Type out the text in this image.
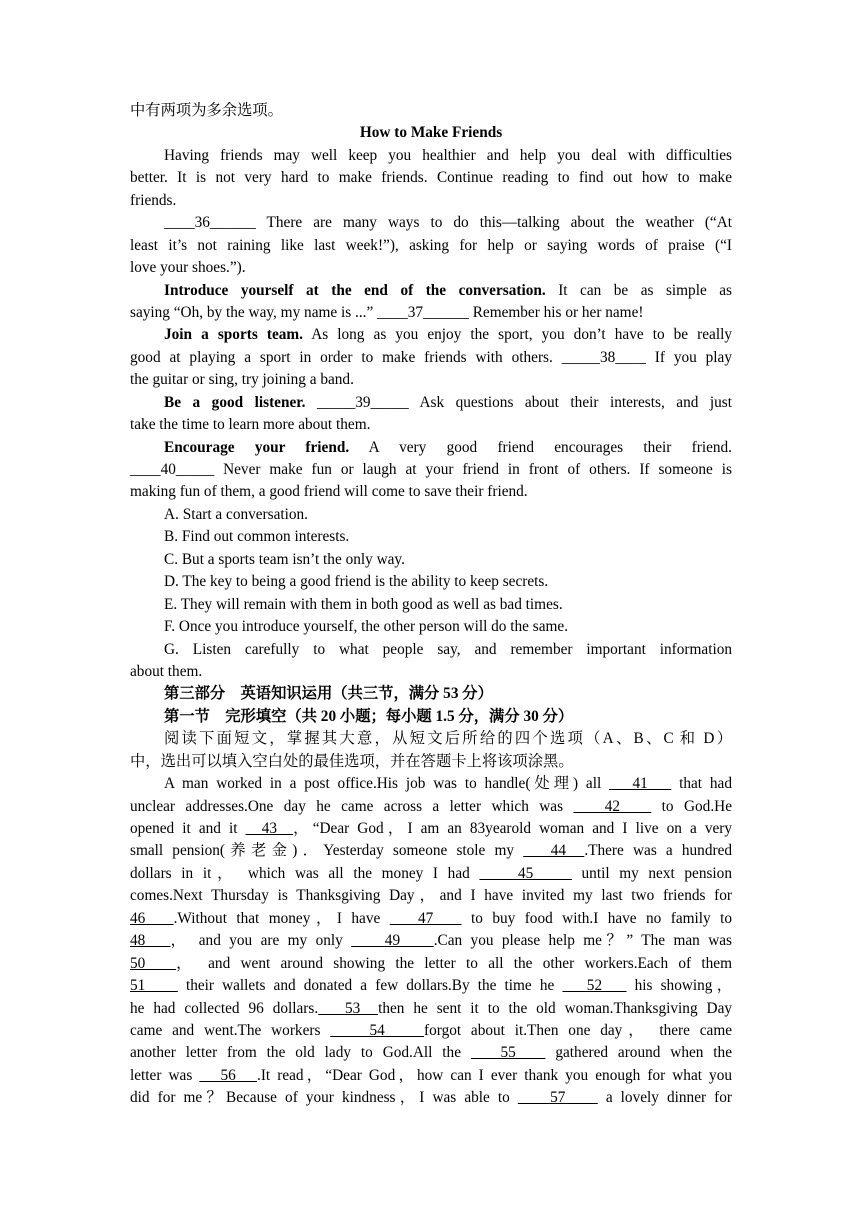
中有两项为多余选项。
How to Make Friends
Having friends may well keep you healthier and help you deal with difficulties
better. It is not very hard to make friends. Continue reading to find out how to make
friends.
____36______ There are many ways to do this—talking about the weather (“At
least it’s not raining like last week!”), asking for help or saying words of praise (“I
love your shoes.”).
Introduce yourself at the end of the conversation. It can be as simple as
saying “Oh, by the way, my name is ...” ____37______ Remember his or her name!
Join a sports team. As long as you enjoy the sport, you don’t have to be really
good at playing a sport in order to make friends with others. _____38____ If you play
the guitar or sing, try joining a band.
Be a good listener. _____39_____ Ask questions about their interests, and just
take the time to learn more about them.
Encourage your friend. A very good friend encourages their friend.
____40_____ Never make fun or laugh at your friend in front of others. If someone is
making fun of them, a good friend will come to save their friend.
A. Start a conversation.
B. Find out common interests.
C. But a sports team isn’t the only way.
D. The key to being a good friend is the ability to keep secrets.
E. They will remain with them in both good as well as bad times.
F. Once you introduce yourself, the other person will do the same.
G. Listen carefully to what people say, and remember important information
about them.
第三部分　英语知识运用（共三节，满分 53 分）
第一节　完形填空（共 20 小题；每小题 1.5 分，满分 30 分）
阅读下面短文，掌握其大意，从短文后所给的四个选项（A、B、C 和 D）
中，选出可以填入空白处的最佳选项，并在答题卡上将该项涂黑。
A man worked in a post office.His job was to handle(处理) all    41    that had
unclear addresses.One day he came across a letter which was    42    to God.He
opened it and it   43  ，“Dear God，I am an 83yearold woman and I live on a very
small pension(养老金)．Yesterday someone stole my    44  .There was a hundred
dollars in it， which was all the money I had     45     until my next pension
comes.Next Thursday is Thanksgiving Day，and I have invited my last two friends for
46   .Without that money，I have    47    to buy food with.I have no family to
48   ， and you are my only     49    .Can you please help me？” The man was
50   ， and went around showing the letter to all the other workers.Each of them
51     their wallets and donated a few dollars.By the time he    52    his showing，
he had collected 96 dollars.   53  then he sent it to the old woman.Thanksgiving Day
came and went.The workers     54    forgot about it.Then one day， there came
another letter from the old lady to God.All the    55    gathered around when the
letter was    56   .It read，“Dear God，how can I ever thank you enough for what you
did for me？Because of your kindness，I was able to     57     a lovely dinner for
